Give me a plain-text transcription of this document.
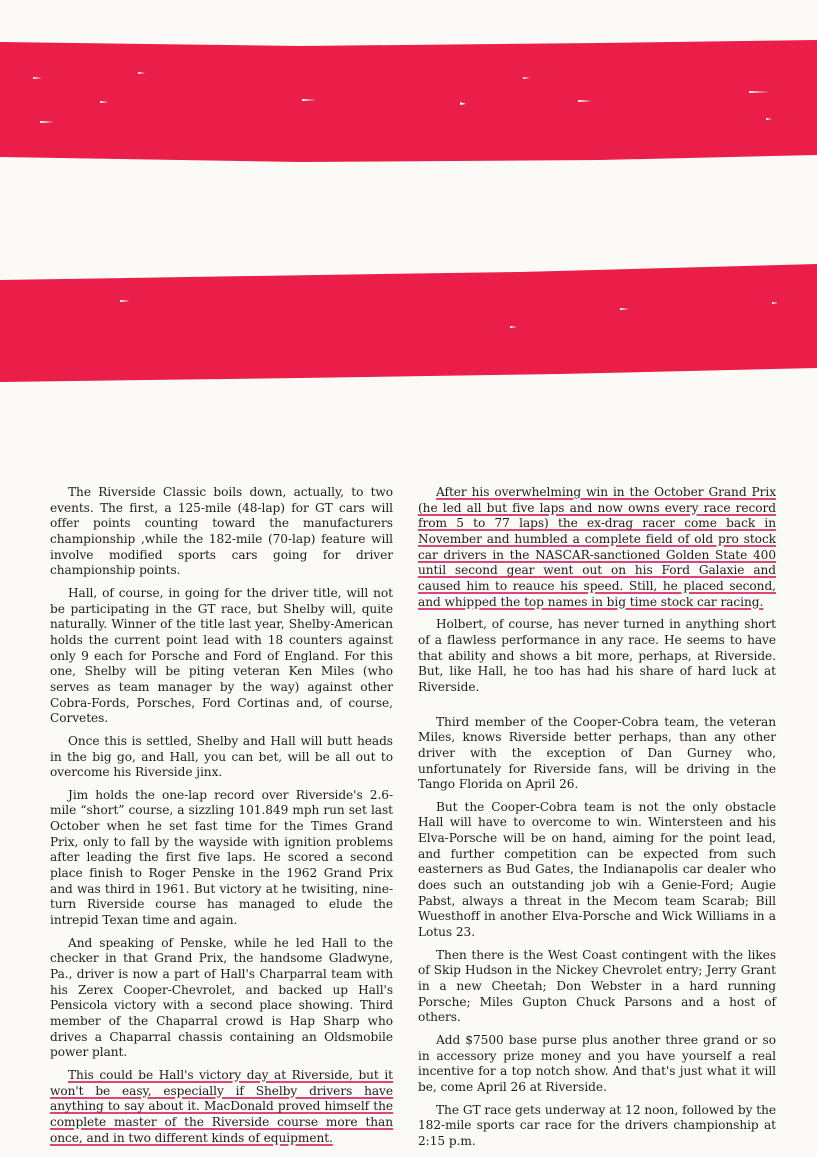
The Riverside Classic boils down, actually, to two events. The first, a 125-mile (48-lap) for GT cars will offer points counting toward the manufacturers championship ,while the 182-mile (70-lap) feature will involve modified sports cars going for driver championship points.

Hall, of course, in going for the driver title, will not be participating in the GT race, but Shelby will, quite naturally. Winner of the title last year, Shelby-American holds the current point lead with 18 counters against only 9 each for Porsche and Ford of England. For this one, Shelby will be piting veteran Ken Miles (who serves as team manager by the way) against other Cobra-Fords, Porsches, Ford Cortinas and, of course, Corvetes.

Once this is settled, Shelby and Hall will butt heads in the big go, and Hall, you can bet, will be all out to overcome his Riverside jinx.

Jim holds the one-lap record over Riverside's 2.6-mile “short” course, a sizzling 101.849 mph run set last October when he set fast time for the Times Grand Prix, only to fall by the wayside with ignition problems after leading the first five laps. He scored a second place finish to Roger Penske in the 1962 Grand Prix and was third in 1961. But victory at he twisiting, nine-turn Riverside course has managed to elude the intrepid Texan time and again.

And speaking of Penske, while he led Hall to the checker in that Grand Prix, the handsome Gladwyne, Pa., driver is now a part of Hall's Charparral team with his Zerex Cooper-Chevrolet, and backed up Hall's Pensicola victory with a second place showing. Third member of the Chaparral crowd is Hap Sharp who drives a Chaparral chassis containing an Oldsmobile power plant.

This could be Hall's victory day at Riverside, but it won't be easy, especially if Shelby drivers have anything to say about it. MacDonald proved himself the complete master of the Riverside course more than once, and in two different kinds of equipment.

After his overwhelming win in the October Grand Prix (he led all but five laps and now owns every race record from 5 to 77 laps) the ex-drag racer come back in November and humbled a complete field of old pro stock car drivers in the NASCAR-sanctioned Golden State 400 until second gear went out on his Ford Galaxie and caused him to reauce his speed. Still, he placed second, and whipped the top names in big time stock car racing.

Holbert, of course, has never turned in anything short of a flawless performance in any race. He seems to have that ability and shows a bit more, perhaps, at Riverside. But, like Hall, he too has had his share of hard luck at Riverside.

Third member of the Cooper-Cobra team, the veteran Miles, knows Riverside better perhaps, than any other driver with the exception of Dan Gurney who, unfortunately for Riverside fans, will be driving in the Tango Florida on April 26.

But the Cooper-Cobra team is not the only obstacle Hall will have to overcome to win. Wintersteen and his Elva-Porsche will be on hand, aiming for the point lead, and further competition can be expected from such easterners as Bud Gates, the Indianapolis car dealer who does such an outstanding job wih a Genie-Ford; Augie Pabst, always a threat in the Mecom team Scarab; Bill Wuesthoff in another Elva-Porsche and Wick Williams in a Lotus 23.

Then there is the West Coast contingent with the likes of Skip Hudson in the Nickey Chevrolet entry; Jerry Grant in a new Cheetah; Don Webster in a hard running Porsche; Miles Gupton Chuck Parsons and a host of others.

Add $7500 base purse plus another three grand or so in accessory prize money and you have yourself a real incentive for a top notch show. And that's just what it will be, come April 26 at Riverside.

The GT race gets underway at 12 noon, followed by the 182-mile sports car race for the drivers championship at 2:15 p.m.
